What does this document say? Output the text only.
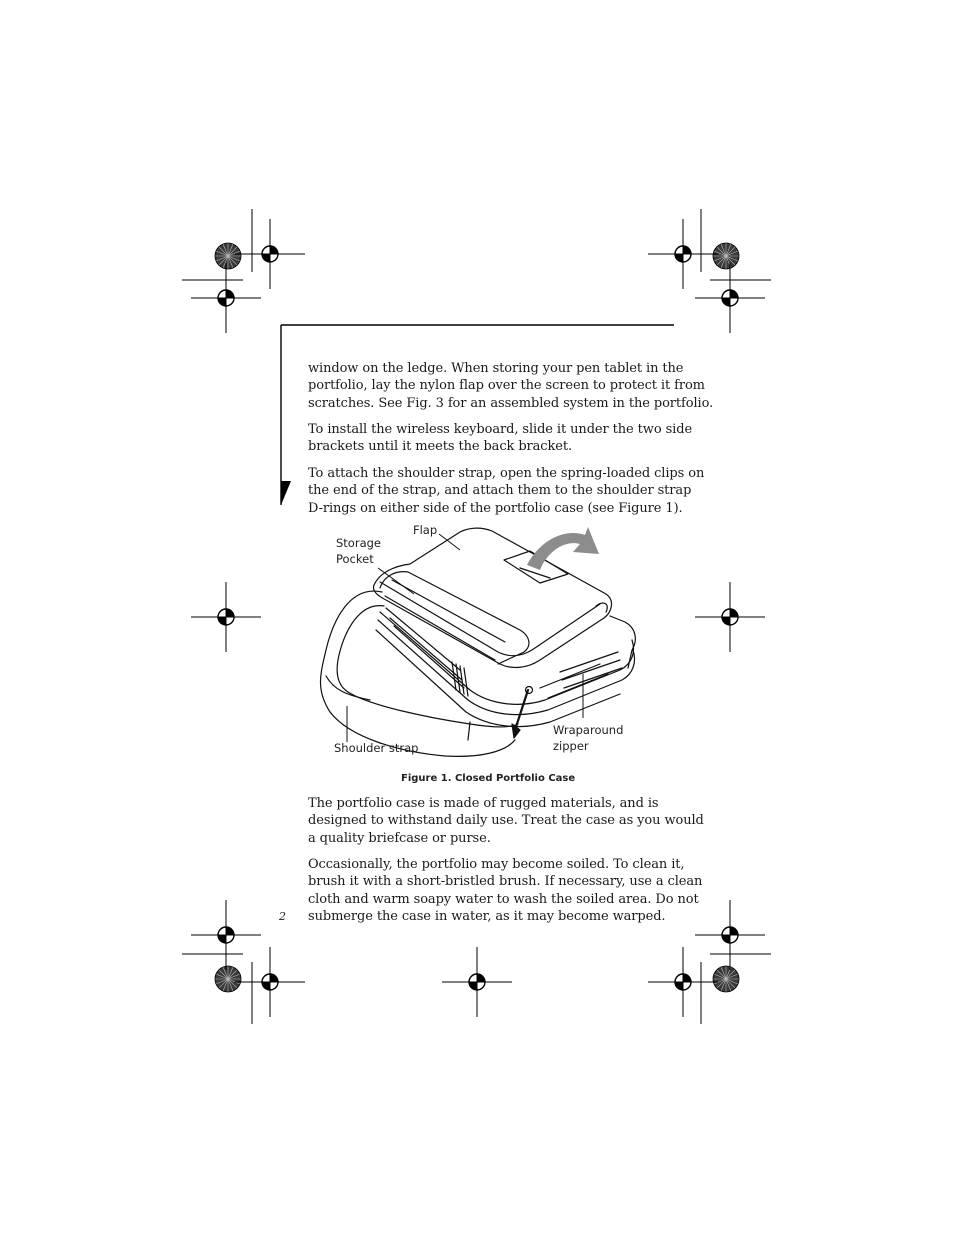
window on the ledge. When storing your pen tablet in the
portfolio, lay the nylon flap over the screen to protect it from
scratches. See Fig. 3 for an assembled system in the portfolio.
To install the wireless keyboard, slide it under the two side
brackets until it meets the back bracket.
To attach the shoulder strap, open the spring-loaded clips on
the end of the strap, and attach them to the shoulder strap
D-rings on either side of the portfolio case (see Figure 1).
Flap
Storage
Pocket
Shoulder strap
Wraparound
zipper
Figure 1. Closed Portfolio Case
The portfolio case is made of rugged materials, and is
designed to withstand daily use. Treat the case as you would
a quality briefcase or purse.
Occasionally, the portfolio may become soiled. To clean it,
brush it with a short-bristled brush. If necessary, use a clean
cloth and warm soapy water to wash the soiled area. Do not
submerge the case in water, as it may become warped.
2
